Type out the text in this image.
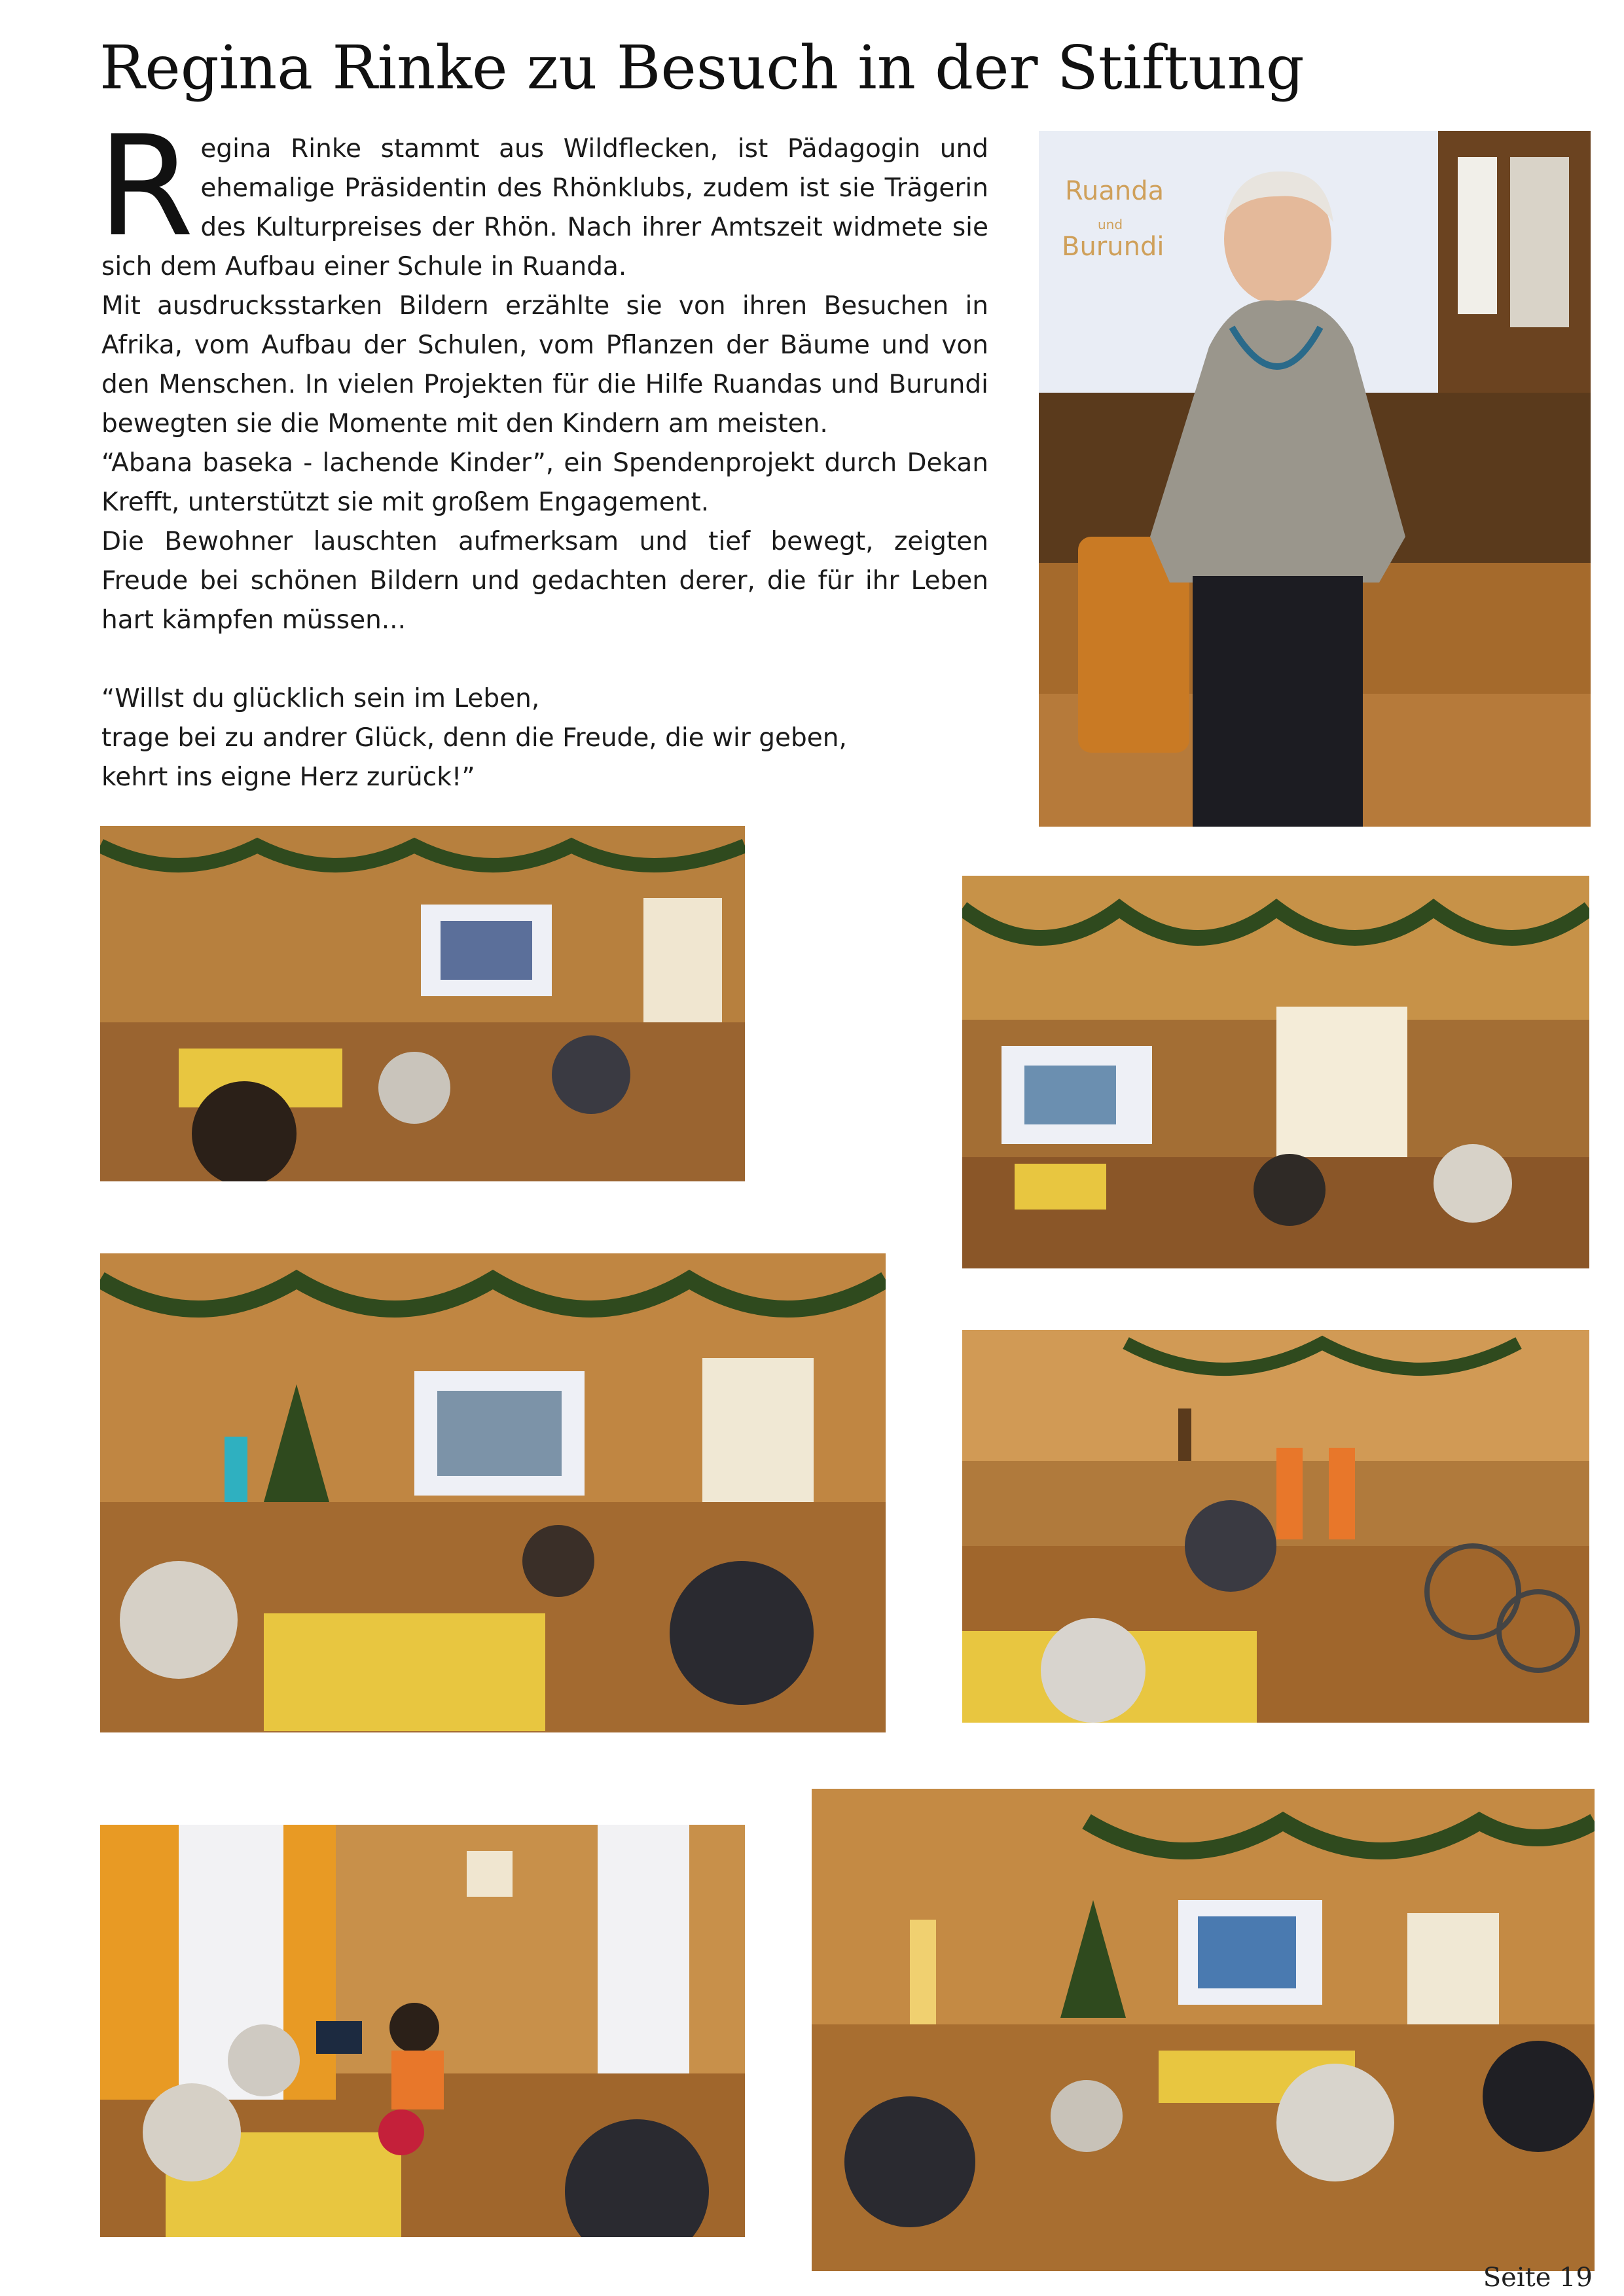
Regina Rinke zu Besuch in der Stiftung

Regina Rinke stammt aus Wildflecken, ist Pädagogin und ehemalige Präsidentin des Rhönklubs, zudem ist sie Trägerin des Kulturpreises der Rhön. Nach ihrer Amtszeit widmete sie sich dem Aufbau einer Schule in Ruanda.

Mit ausdrucksstarken Bildern erzählte sie von ihren Besuchen in Afrika, vom Aufbau der Schulen, vom Pflanzen der Bäume und von den Menschen. In vielen Projekten für die Hilfe Ruandas und Burundi bewegten sie die Momente mit den Kindern am meisten.

“Abana baseka - lachende Kinder”, ein Spendenprojekt durch Dekan Krefft, unterstützt sie mit großem Engagement.

Die Bewohner lauschten aufmerksam und tief bewegt, zeigten Freude bei schönen Bildern und gedachten derer, die für ihr Leben hart kämpfen müssen...

“Willst du glücklich sein im Leben,

trage bei zu andrer Glück, denn die Freude, die wir geben,

kehrt ins eigne Herz zurück!”

Ruanda
und
Burundi
Seite 19
